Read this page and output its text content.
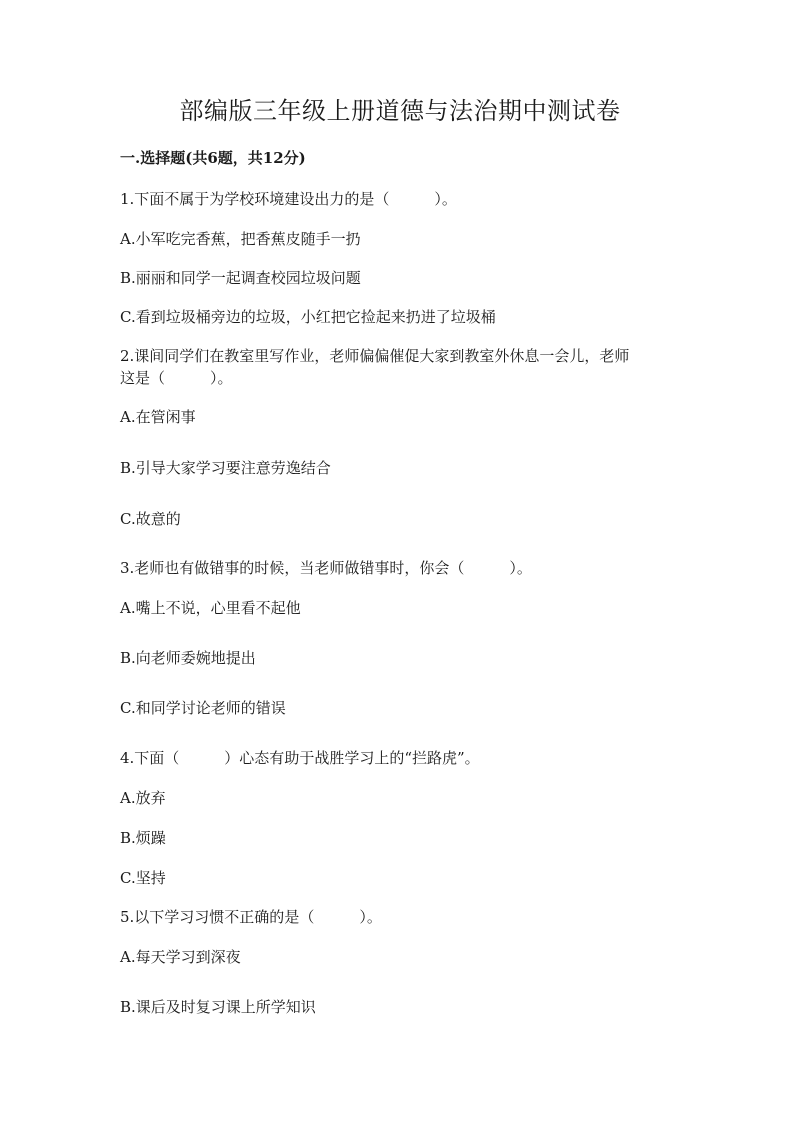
部编版三年级上册道德与法治期中测试卷
一.选择题(共6题，共12分)
1.下面不属于为学校环境建设出力的是（　　　）。
A.小军吃完香蕉，把香蕉皮随手一扔
B.丽丽和同学一起调查校园垃圾问题
C.看到垃圾桶旁边的垃圾，小红把它捡起来扔进了垃圾桶
2.课间同学们在教室里写作业，老师偏偏催促大家到教室外休息一会儿，老师
这是（　　　）。
A.在管闲事
B.引导大家学习要注意劳逸结合
C.故意的
3.老师也有做错事的时候，当老师做错事时，你会（　　　）。
A.嘴上不说，心里看不起他
B.向老师委婉地提出
C.和同学讨论老师的错误
4.下面（　　　）心态有助于战胜学习上的“拦路虎”。
A.放弃
B.烦躁
C.坚持
5.以下学习习惯不正确的是（　　　）。
A.每天学习到深夜
B.课后及时复习课上所学知识
